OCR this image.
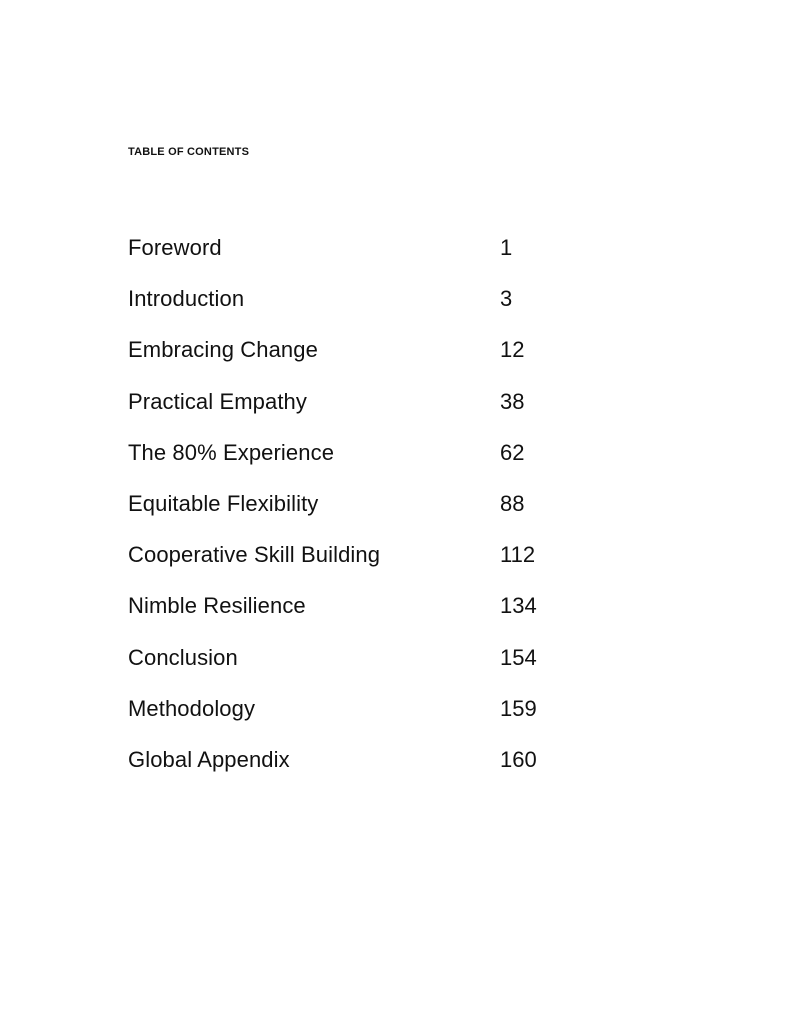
TABLE OF CONTENTS
Foreword	1
Introduction	3
Embracing Change	12
Practical Empathy	38
The 80% Experience	62
Equitable Flexibility	88
Cooperative Skill Building	112
Nimble Resilience	134
Conclusion	154
Methodology	159
Global Appendix	160
